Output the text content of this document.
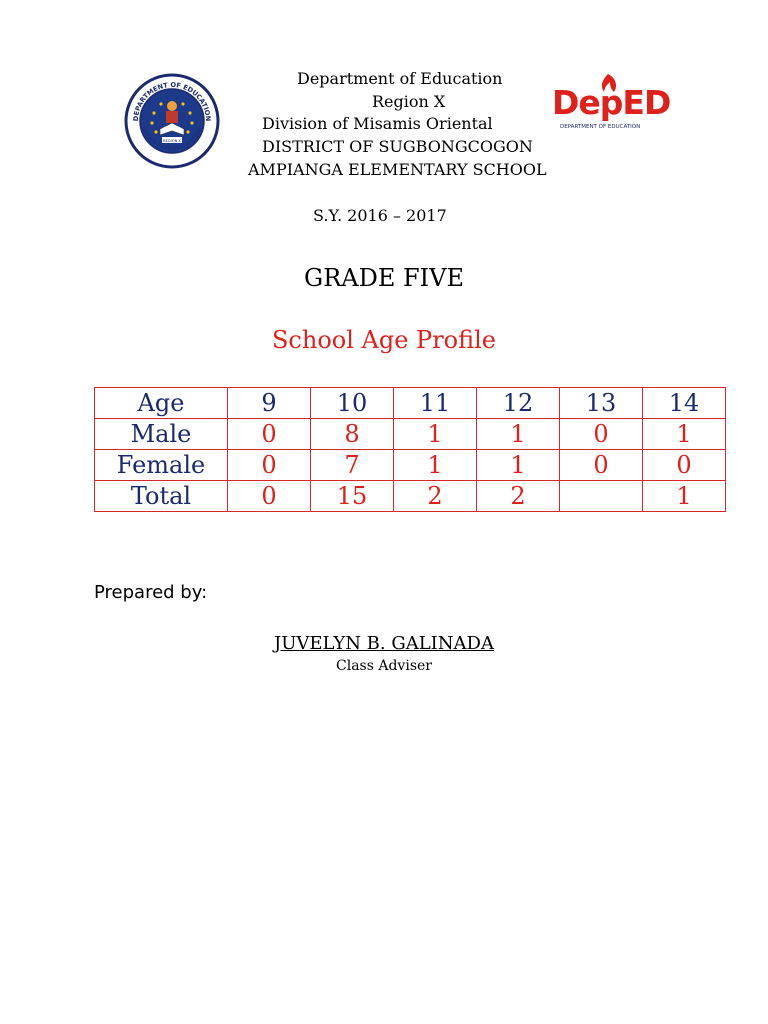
DEPARTMENT OF EDUCATION
DIVISION OF MISAMIS ORIENTAL
REGION X
DepED
DEPARTMENT OF EDUCATION
Department of Education
Region X
Division of Misamis Oriental
DISTRICT OF SUGBONGCOGON
AMPIANGA ELEMENTARY SCHOOL
S.Y. 2016 – 2017
GRADE FIVE
School Age Profile
Age	9	10	11	12	13	14
Male	0	8	1	1	0	1
Female	0	7	1	1	0	0
Total	0	15	2	2		1
Prepared by:
JUVELYN B. GALINADA
Class Adviser
